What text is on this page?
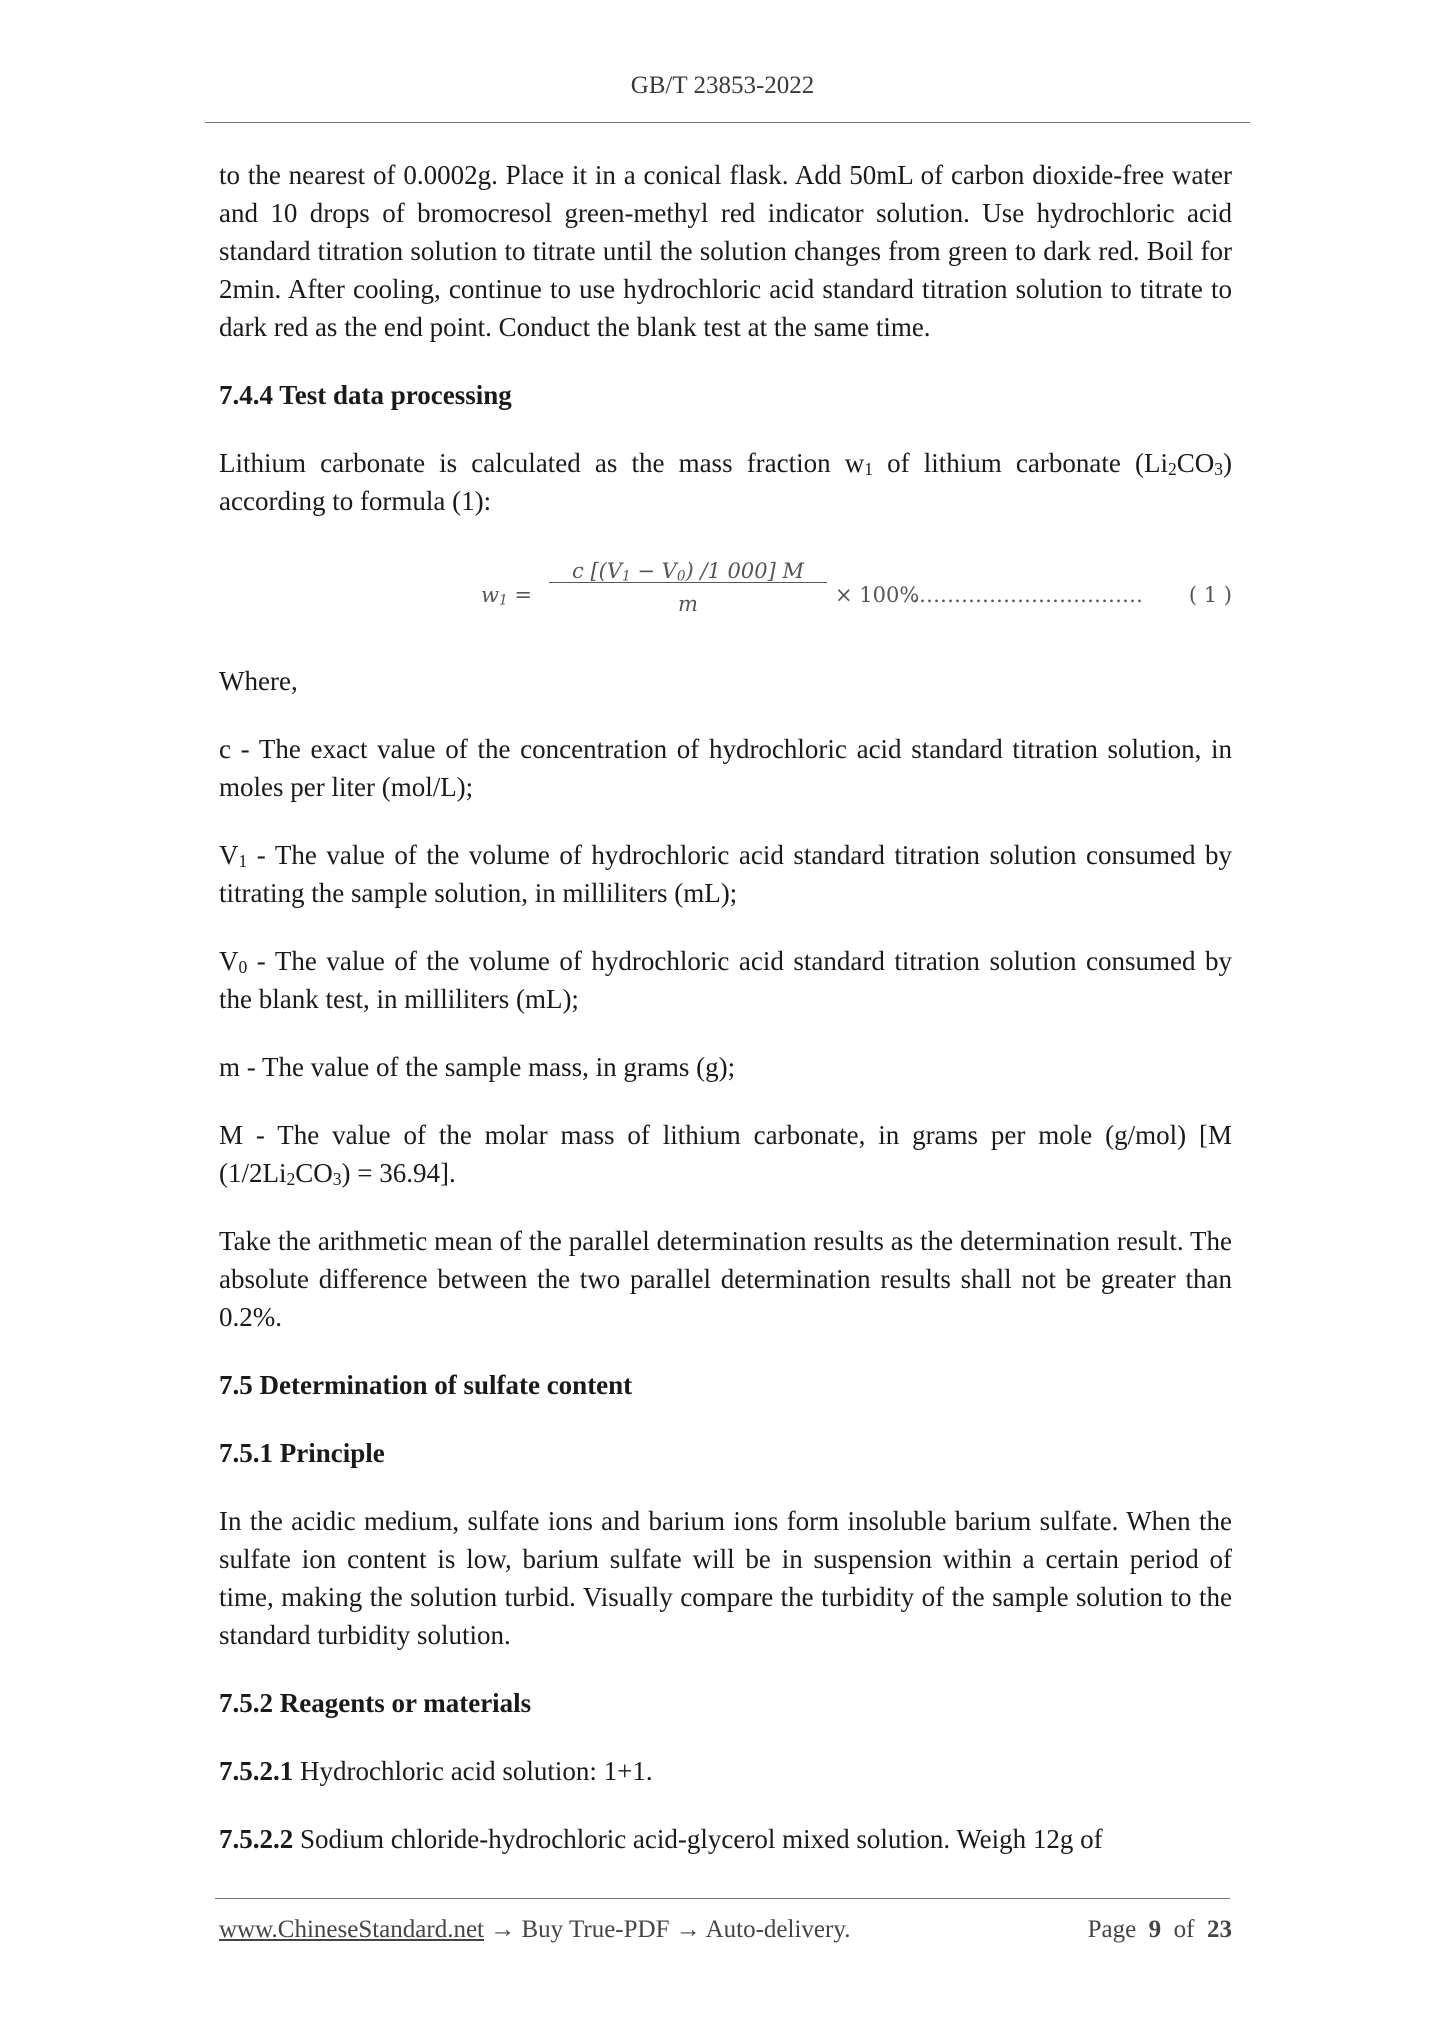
GB/T 23853-2022

to the nearest of 0.0002g. Place it in a conical flask. Add 50mL of carbon dioxide-free water and 10 drops of bromocresol green-methyl red indicator solution. Use hydrochloric acid standard titration solution to titrate until the solution changes from green to dark red. Boil for 2min. After cooling, continue to use hydrochloric acid standard titration solution to titrate to dark red as the end point. Conduct the blank test at the same time.

7.4.4 Test data processing

Lithium carbonate is calculated as the mass fraction w1 of lithium carbonate (Li2CO3) according to formula (1):

w1 =
c [(V1 − V0) /1 000] M
m	× 100%
…………………………… ( 1 )

Where,

c - The exact value of the concentration of hydrochloric acid standard titration solution, in moles per liter (mol/L);

V1 - The value of the volume of hydrochloric acid standard titration solution consumed by titrating the sample solution, in milliliters (mL);

V0 - The value of the volume of hydrochloric acid standard titration solution consumed by the blank test, in milliliters (mL);

m - The value of the sample mass, in grams (g);

M - The value of the molar mass of lithium carbonate, in grams per mole (g/mol) [M (1/2Li2CO3) = 36.94].

Take the arithmetic mean of the parallel determination results as the determination result. The absolute difference between the two parallel determination results shall not be greater than 0.2%.

7.5 Determination of sulfate content

7.5.1 Principle

In the acidic medium, sulfate ions and barium ions form insoluble barium sulfate. When the sulfate ion content is low, barium sulfate will be in suspension within a certain period of time, making the solution turbid. Visually compare the turbidity of the sample solution to the standard turbidity solution.

7.5.2 Reagents or materials

7.5.2.1 Hydrochloric acid solution: 1+1.

7.5.2.2 Sodium chloride-hydrochloric acid-glycerol mixed solution. Weigh 12g of

www.ChineseStandard.net → Buy True-PDF → Auto-delivery.	Page 9 of 23
